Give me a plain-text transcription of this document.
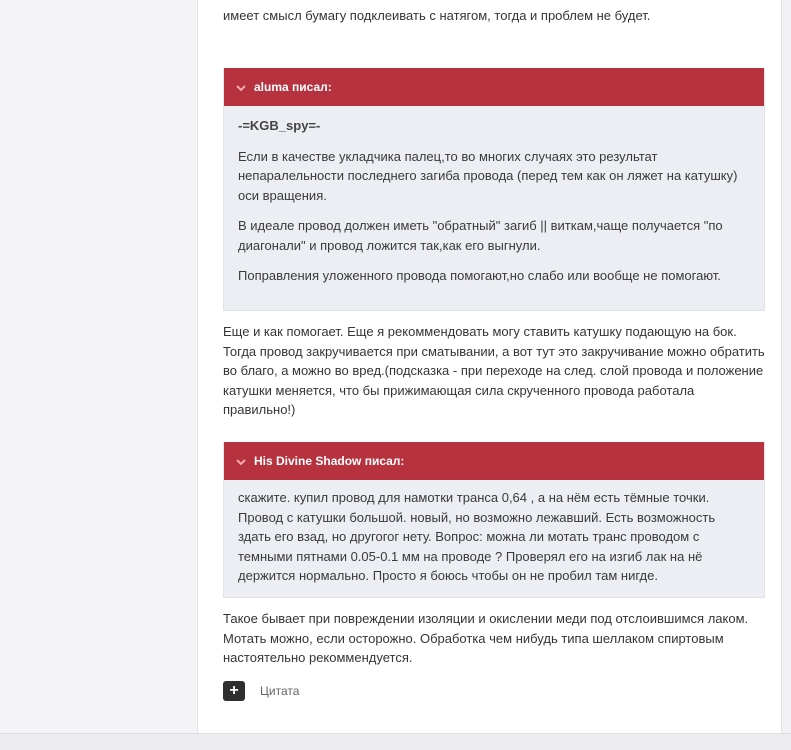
имеет смысл бумагу подклеивать с натягом, тогда и проблем не будет.

aluma писал:

-=KGB_spy=-

Если в качестве укладчика палец,то во многих случаях это результат непаралельности последнего загиба провода (перед тем как он ляжет на катушку) оси вращения.

В идеале провод должен иметь "обратный" загиб || виткам,чаще получается "по диагонали" и провод ложится так,как его выгнули.

Поправления уложенного провода помогают,но слабо или вообще не помогают.

Еще и как помогает. Еще я рекоммендовать могу ставить катушку подающую на бок. Тогда провод закручивается при сматывании, а вот тут это закручивание можно обратить во благо, а можно во вред.(подсказка - при переходе на след. слой провода и положение катушки меняется, что бы прижимающая сила скрученного провода работала правильно!)

His Divine Shadow писал:

скажите. купил провод для намотки транса 0,64 , а на нём есть тёмные точки. Провод с катушки большой. новый, но возможно лежавший. Есть возможность здать его взад, но другогог нету. Вопрос: можна ли мотать транс проводом с темными пятнами 0.05-0.1 мм на проводе ? Проверял его на изгиб лак на нё держится нормально. Просто я боюсь чтобы он не пробил там нигде.

Такое бывает при повреждении изоляции и окислении меди под отслоившимся лаком. Мотать можно, если осторожно. Обработка чем нибудь типа шеллаком спиртовым настоятельно рекоммендуется.

+ Цитата
